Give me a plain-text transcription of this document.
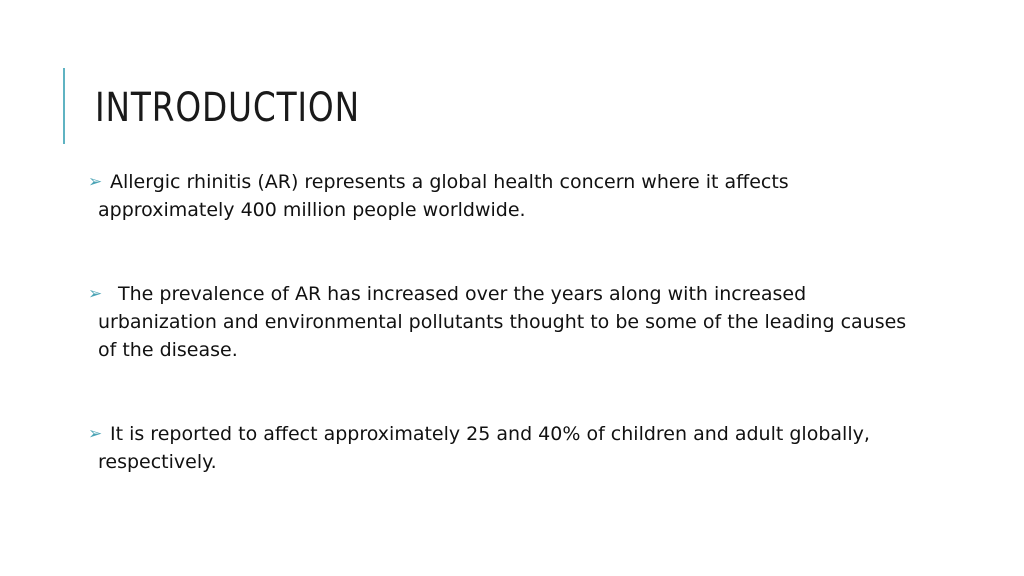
INTRODUCTION
➢ Allergic rhinitis (AR) represents a global health concern where it affects approximately 400 million people worldwide.
➢ The prevalence of AR has increased over the years along with increased urbanization and environmental pollutants thought to be some of the leading causes of the disease.
➢ It is reported to affect approximately 25 and 40% of children and adult globally, respectively.
